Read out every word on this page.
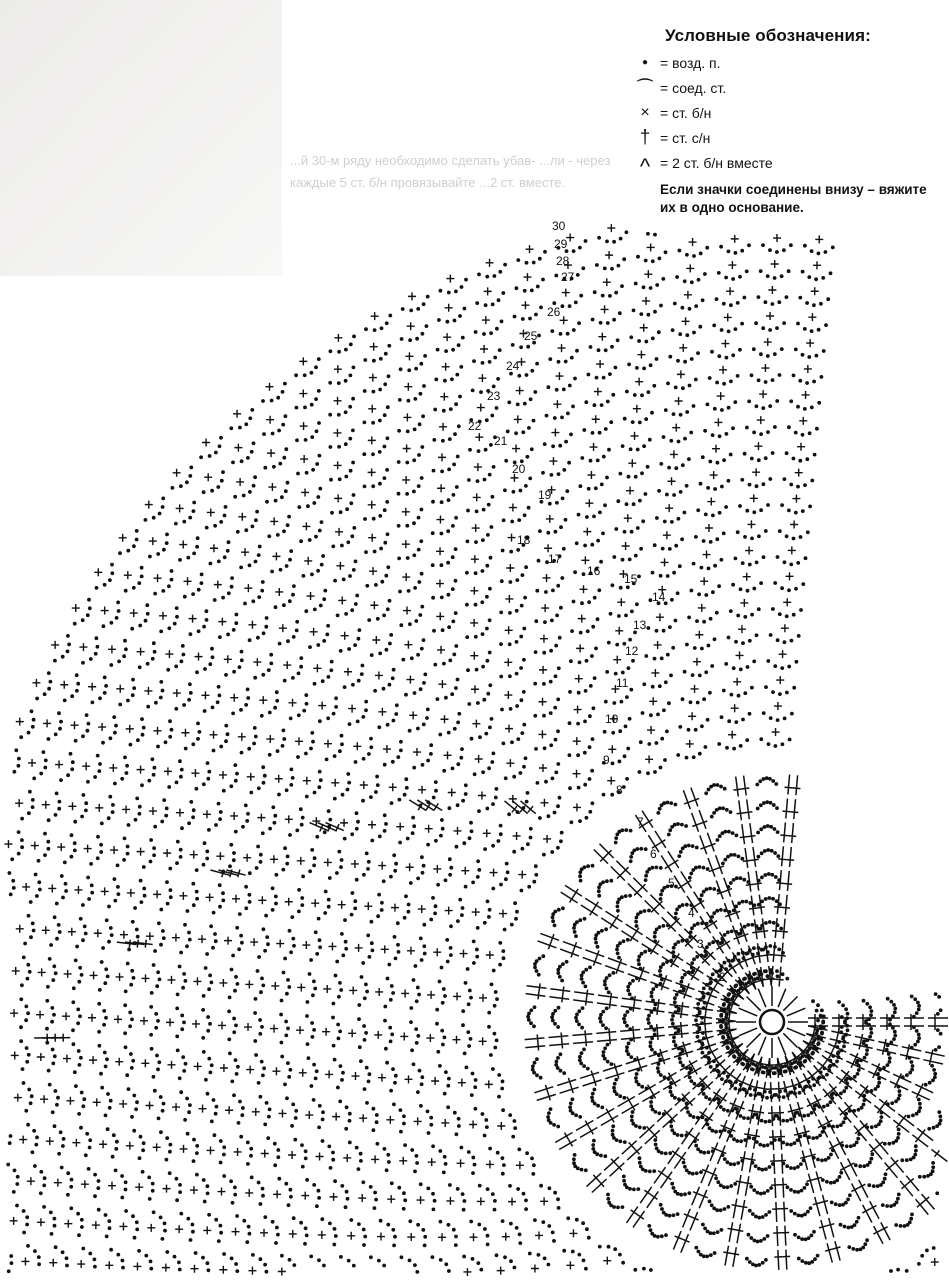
...й 30-м ряду необходимо сделать убав- ...ли - через каждые 5 ст. б/н провязывайте ...2 ст. вместе.
30
29
28
27
26
25
24
23
22
21
20
19
18
17
16
15
14
13
12
11
10
9
8
7
6
5
4
3
2
Условные обозначения:
● = возд. п.
⌒ = соед. ст.
× = ст. б/н
† = ст. с/н
^ = 2 ст. б/н вместе
Если значки соединены внизу – вяжите их в одно основание.
